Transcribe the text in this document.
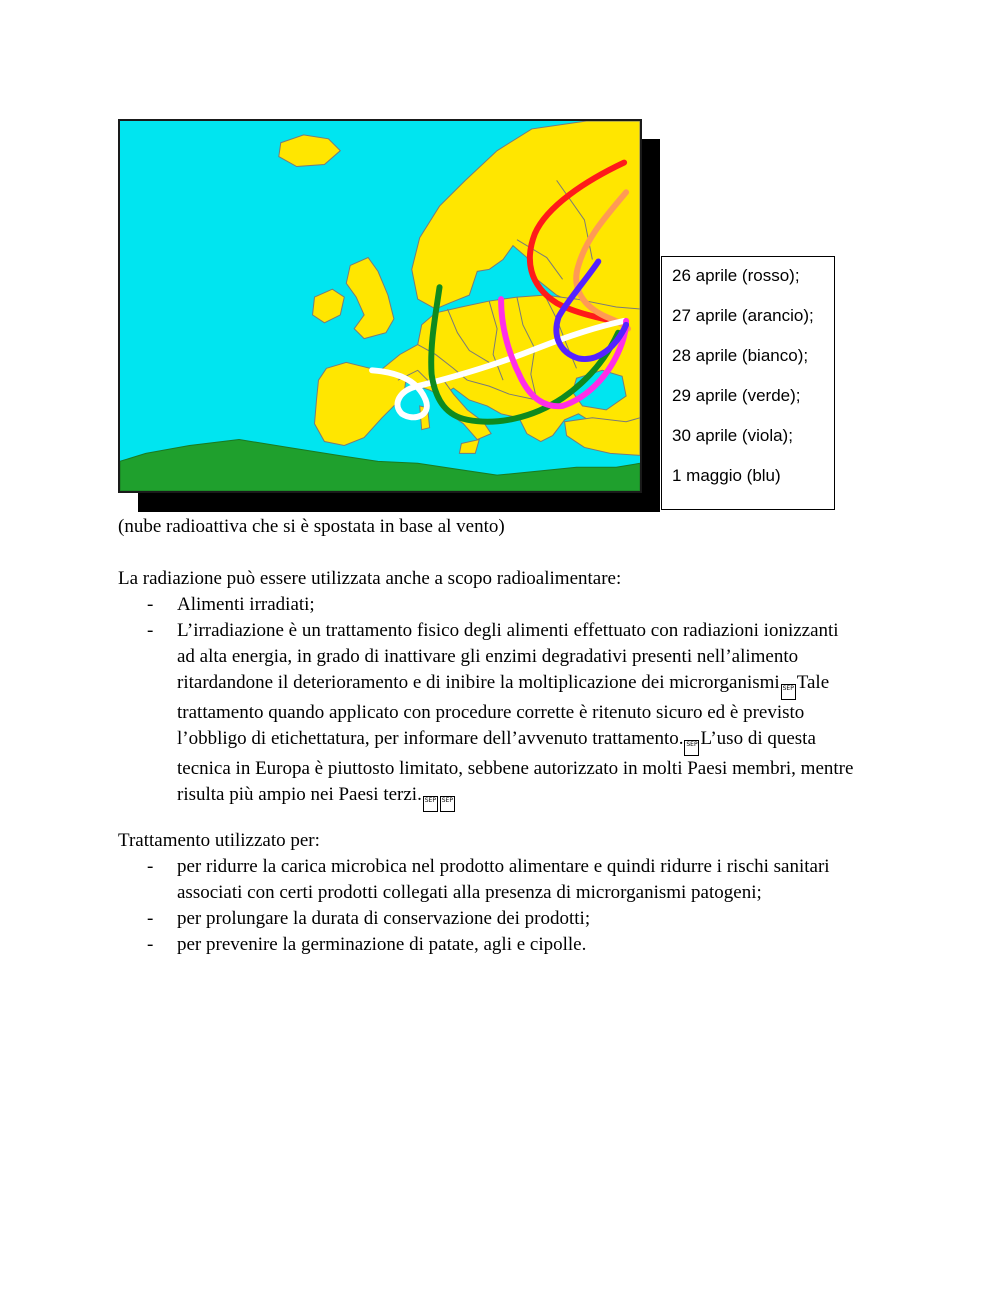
26 aprile (rosso);

27 aprile (arancio);

28 aprile (bianco);

29 aprile (verde);

30 aprile (viola);

1 maggio (blu)

(nube radioattiva che si è spostata in base al vento)
La radiazione può essere utilizzata anche a scopo radioalimentare:
- Alimenti irradiati;
- L’irradiazione è un trattamento fisico degli alimenti effettuato con radiazioni ionizzanti
ad alta energia, in grado di inattivare gli enzimi degradativi presenti nell’alimento
ritardandone il deterioramento e di inibire la moltiplicazione dei microrganismi SEP Tale
trattamento quando applicato con procedure corrette è ritenuto sicuro ed è previsto
l’obbligo di etichettatura, per informare dell’avvenuto trattamento. SEP L’uso di questa
tecnica in Europa è piuttosto limitato, sebbene autorizzato in molti Paesi membri, mentre
risulta più ampio nei Paesi terzi. SEP SEP
Trattamento utilizzato per:
- per ridurre la carica microbica nel prodotto alimentare e quindi ridurre i rischi sanitari
associati con certi prodotti collegati alla presenza di microrganismi patogeni;
- per prolungare la durata di conservazione dei prodotti;
- per prevenire la germinazione di patate, agli e cipolle.
